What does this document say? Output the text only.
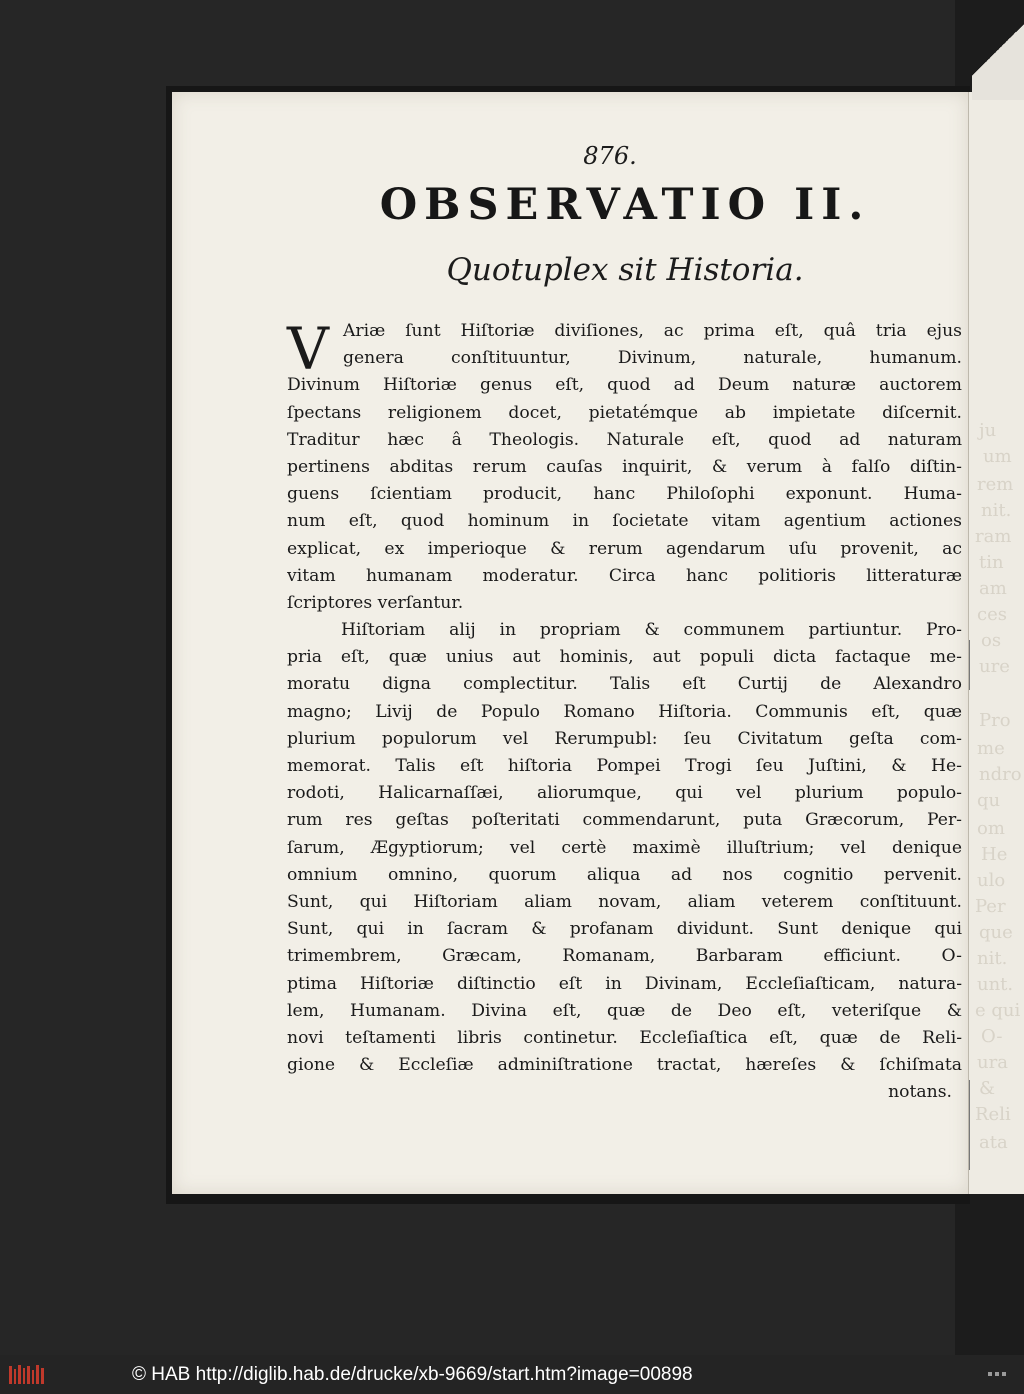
ju
um
rem
nit.
ram
tin
am
ces
os
ure
Pro
me
ndro
qu
om
He
ulo
Per
que
nit.
unt.
e qui
O-
ura
&
Reli
ata
876.
OBSERVATIO II.
Quotuplex sit Historia.
V Ariæ ſunt Hiſtoriæ diviſiones, ac prima eſt, quâ tria ejus
genera conſtituuntur, Divinum, naturale, humanum.
Divinum Hiſtoriæ genus eſt, quod ad Deum naturæ auctorem
ſpectans religionem docet, pietatémque ab impietate diſcernit.
Traditur hæc â Theologis. Naturale eſt, quod ad naturam
pertinens abditas rerum cauſas inquirit, & verum à falſo diſtin-
guens ſcientiam producit, hanc Philoſophi exponunt. Huma-
num eſt, quod hominum in ſocietate vitam agentium actiones
explicat, ex imperioque & rerum agendarum uſu provenit, ac
vitam humanam moderatur. Circa hanc politioris litteraturæ
ſcriptores verſantur.
Hiſtoriam alij in propriam & communem partiuntur. Pro-
pria eſt, quæ unius aut hominis, aut populi dicta factaque me-
moratu digna complectitur. Talis eſt Curtij de Alexandro
magno; Livij de Populo Romano Hiſtoria. Communis eſt, quæ
plurium populorum vel Rerumpubl: ſeu Civitatum geſta com-
memorat. Talis eſt hiſtoria Pompei Trogi ſeu Juſtini, & He-
rodoti, Halicarnaſſæi, aliorumque, qui vel plurium populo-
rum res geſtas poſteritati commendarunt, puta Græcorum, Per-
ſarum, Ægyptiorum; vel certè maximè illuſtrium; vel denique
omnium omnino, quorum aliqua ad nos cognitio pervenit.
Sunt, qui Hiſtoriam aliam novam, aliam veterem conſtituunt.
Sunt, qui in ſacram & profanam dividunt. Sunt denique qui
trimembrem, Græcam, Romanam, Barbaram efficiunt. O-
ptima Hiſtoriæ diſtinctio eſt in Divinam, Eccleſiaſticam, natura-
lem, Humanam. Divina eſt, quæ de Deo eſt, veteriſque &
novi teſtamenti libris continetur. Eccleſiaſtica eſt, quæ de Reli-
gione & Eccleſiæ adminiſtratione tractat, hæreſes & ſchiſmata
notans.
© HAB http://diglib.hab.de/drucke/xb-9669/start.htm?image=00898
